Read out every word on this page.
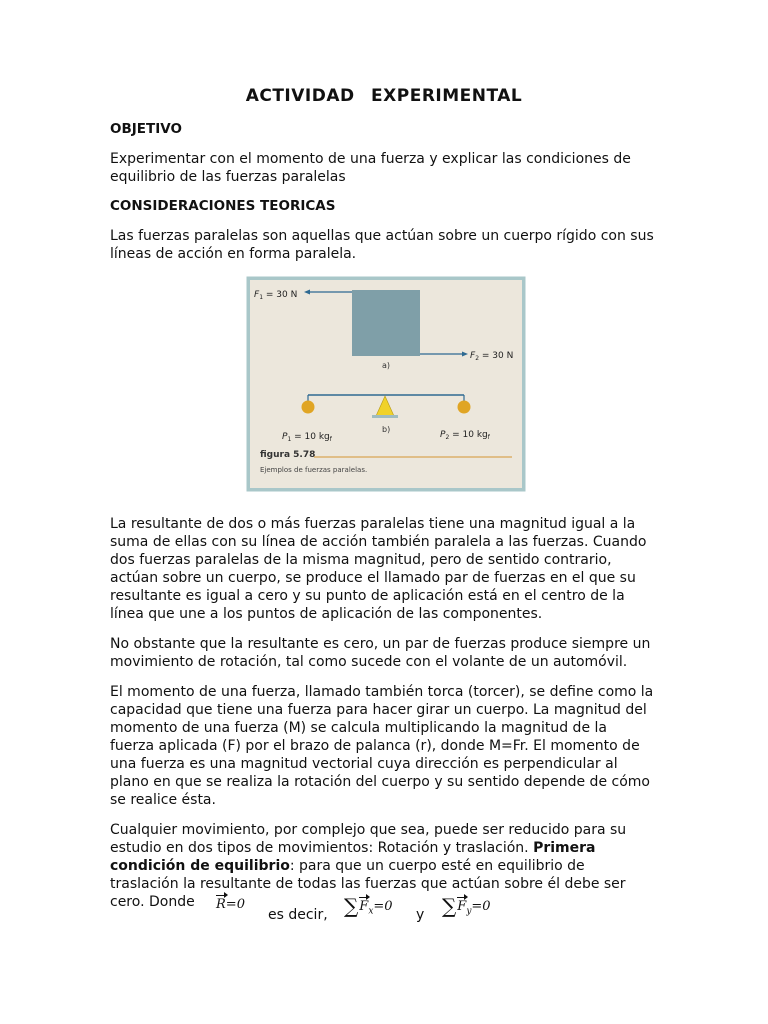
ACTIVIDAD EXPERIMENTAL
OBJETIVO
Experimentar con el momento de una fuerza y explicar las condiciones de equilibrio de las fuerzas paralelas
CONSIDERACIONES TEORICAS
Las fuerzas paralelas son aquellas que actúan sobre un cuerpo rígido con sus líneas de acción en forma paralela.
$F_1 = 30$ N
$F_2 = 30$ N
a)
b)
$P_1 = 10$ $kg_f$	$P_2 = 10$ $kg_f$
figura 5.78
Ejemplos de fuerzas paralelas.
La resultante de dos o más fuerzas paralelas tiene una magnitud igual a la suma de ellas con su línea de acción también paralela a las fuerzas. Cuando dos fuerzas paralelas de la misma magnitud, pero de sentido contrario, actúan sobre un cuerpo, se produce el llamado par de fuerzas en el que su resultante es igual a cero y su punto de aplicación está en el centro de la línea que une a los puntos de aplicación de las componentes.
No obstante que la resultante es cero, un par de fuerzas produce siempre un movimiento de rotación, tal como sucede con el volante de un automóvil.
El momento de una fuerza, llamado también torca (torcer), se define como la capacidad que tiene una fuerza para hacer girar un cuerpo. La magnitud del momento de una fuerza (M) se calcula multiplicando la magnitud de la fuerza aplicada (F) por el brazo de palanca (r), donde M=Fr. El momento de una fuerza es una magnitud vectorial cuya dirección es perpendicular al plano en que se realiza la rotación del cuerpo y su sentido depende de cómo se realice ésta.
Cualquier movimiento, por complejo que sea, puede ser reducido para su estudio en dos tipos de movimientos: Rotación y traslación. Primera condición de equilibrio: para que un cuerpo esté en equilibrio de traslación la resultante de todas las fuerzas que actúan sobre él debe ser cero. Donde	R=0
es decir, $\sum F_x=0$
y $\sum F_y=0$
